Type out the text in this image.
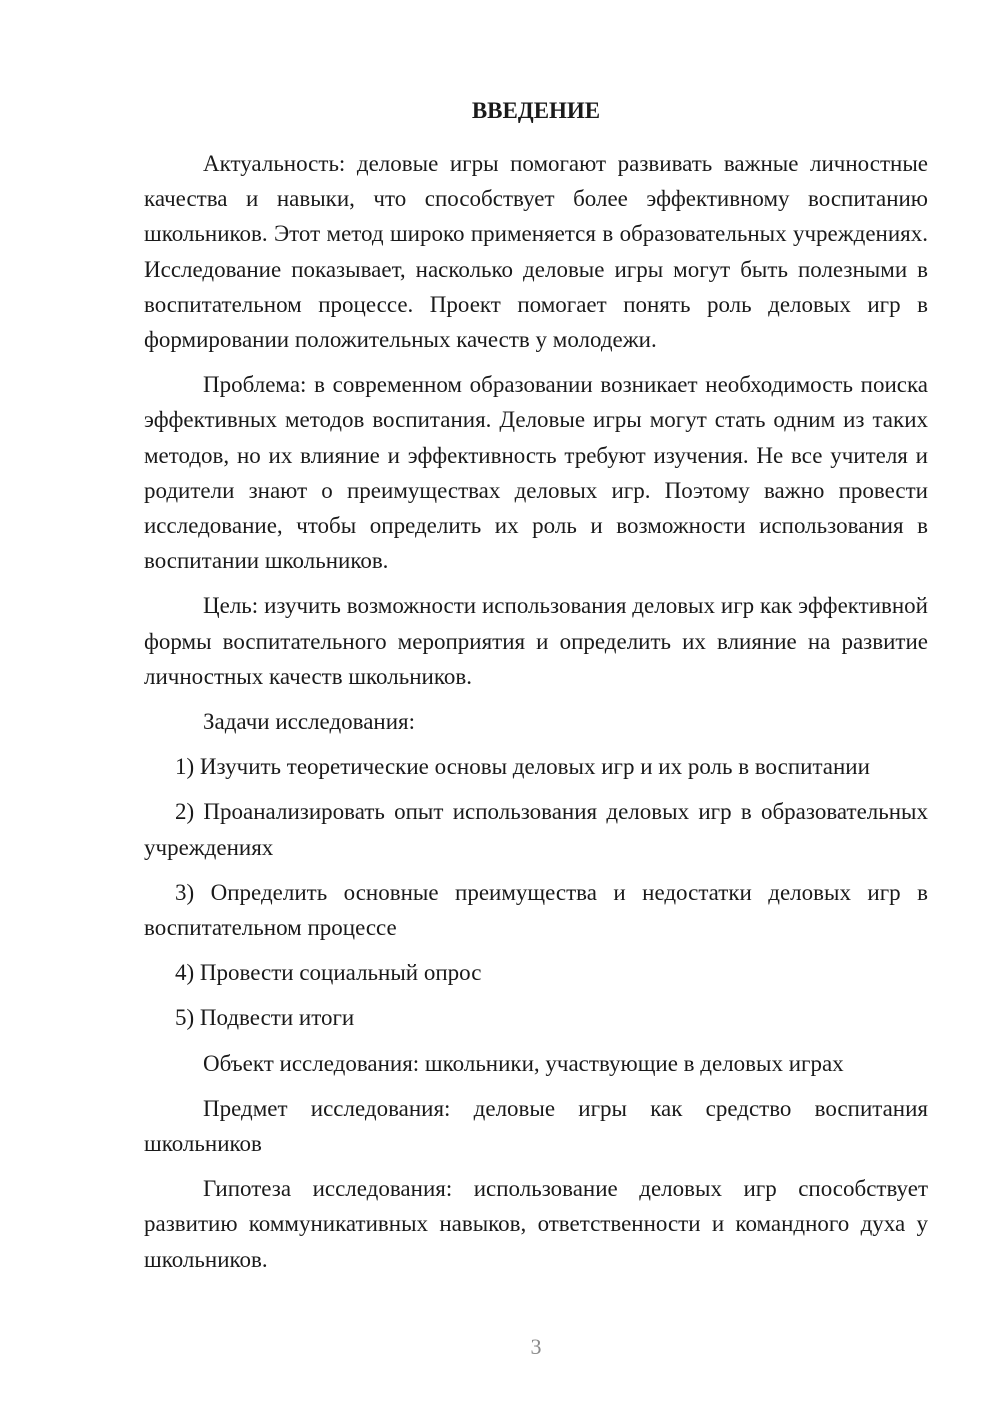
ВВЕДЕНИЕ

Актуальность: деловые игры помогают развивать важные личностные качества и навыки, что способствует более эффективному воспитанию школьников. Этот метод широко применяется в образовательных учреждениях. Исследование показывает, насколько деловые игры могут быть полезными в воспитательном процессе. Проект помогает понять роль деловых игр в формировании положительных качеств у молодежи.

Проблема: в современном образовании возникает необходимость поиска эффективных методов воспитания. Деловые игры могут стать одним из таких методов, но их влияние и эффективность требуют изучения. Не все учителя и родители знают о преимуществах деловых игр. Поэтому важно провести исследование, чтобы определить их роль и возможности использования в воспитании школьников.

Цель: изучить возможности использования деловых игр как эффективной формы воспитательного мероприятия и определить их влияние на развитие личностных качеств школьников.

Задачи исследования:

1) Изучить теоретические основы деловых игр и их роль в воспитании

2) Проанализировать опыт использования деловых игр в образовательных учреждениях

3) Определить основные преимущества и недостатки деловых игр в воспитательном процессе

4) Провести социальный опрос

5) Подвести итоги

Объект исследования: школьники, участвующие в деловых играх

Предмет исследования: деловые игры как средство воспитания школьников

Гипотеза исследования: использование деловых игр способствует развитию коммуникативных навыков, ответственности и командного духа у школьников.

3
